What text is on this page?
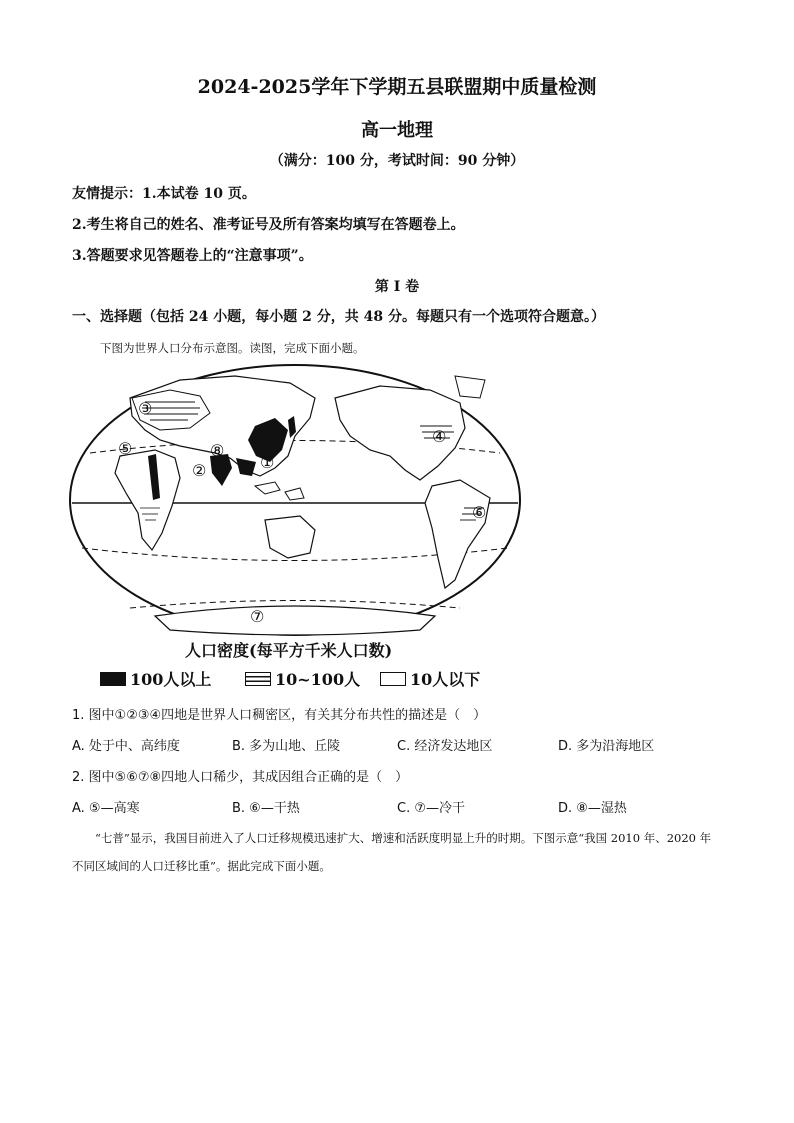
2024-2025学年下学期五县联盟期中质量检测
高一地理
（满分：100 分，考试时间：90 分钟）
友情提示：1.本试卷 10 页。
2.考生将自己的姓名、准考证号及所有答案均填写在答题卷上。
3.答题要求见答题卷上的“注意事项”。
第 I 卷
一、选择题（包括 24 小题，每小题 2 分，共 48 分。每题只有一个选项符合题意。）
下图为世界人口分布示意图。读图，完成下面小题。
③
⑤
①
②
⑧
④
⑥
⑦
人口密度(每平方千米人口数)
100人以上	10~100人	10人以下
1. 图中①②③④四地是世界人口稠密区，有关其分布共性的描述是（　）
A. 处于中、高纬度	B. 多为山地、丘陵	C. 经济发达地区	D. 多为沿海地区
2. 图中⑤⑥⑦⑧四地人口稀少，其成因组合正确的是（　）
A. ⑤—高寒	B. ⑥—干热	C. ⑦—冷干	D. ⑧—湿热
“七普”显示，我国目前进入了人口迁移规模迅速扩大、增速和活跃度明显上升的时期。下图示意“我国 2010 年、2020 年不同区域间的人口迁移比重”。据此完成下面小题。
